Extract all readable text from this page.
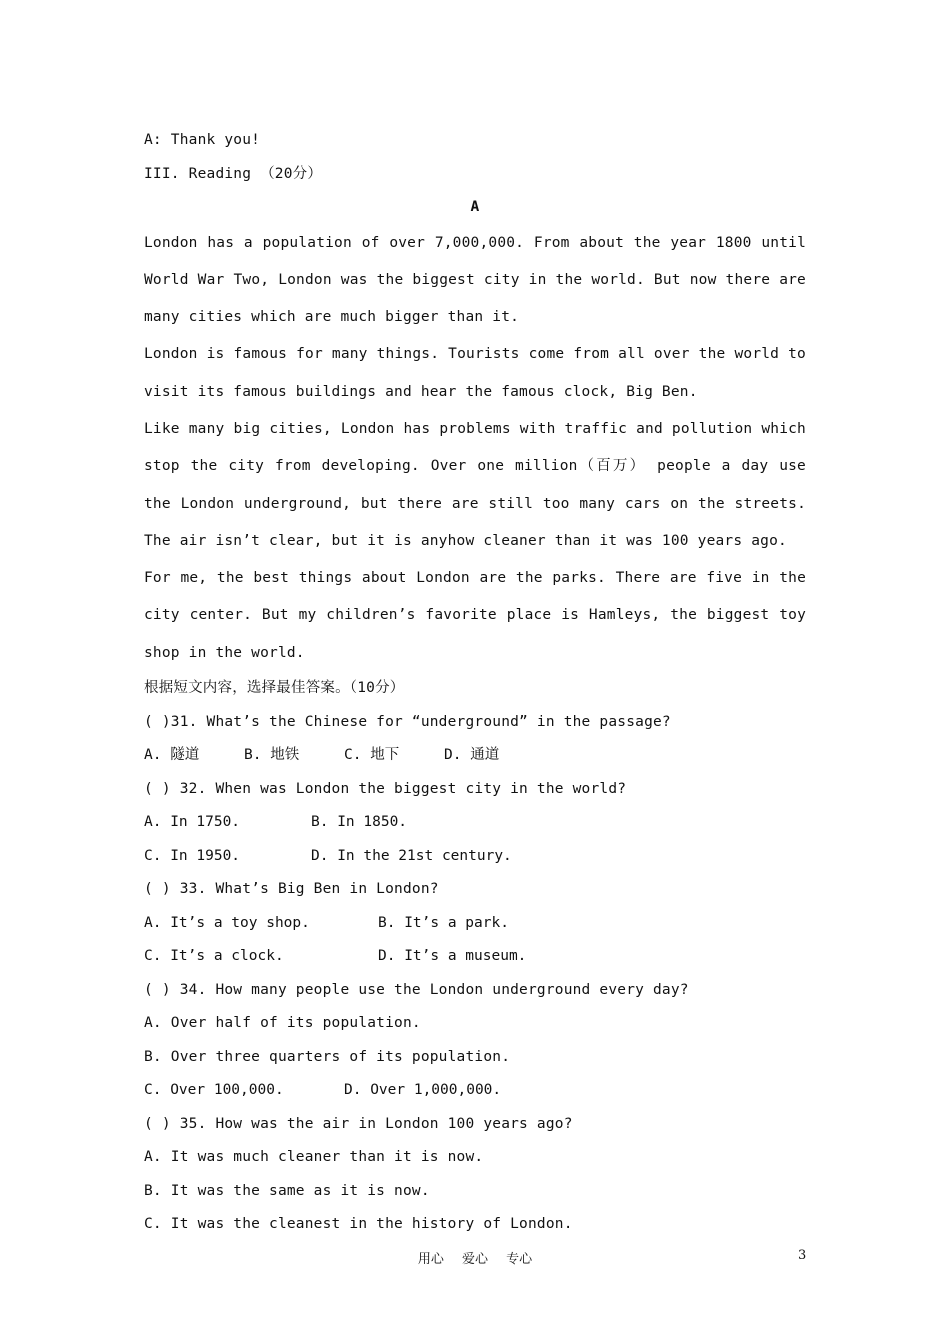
A: Thank you!
III. Reading （20分）
A

London has a population of over 7,000,000. From about the year 1800 until World War Two, London was the biggest city in the world. But now there are many cities which are much bigger than it.

London is famous for many things. Tourists come from all over the world to visit its famous buildings and hear the famous clock, Big Ben.

Like many big cities, London has problems with traffic and pollution which stop the city from developing. Over one million（百万） people a day use the London underground, but there are still too many cars on the streets. The air isn’t clear, but it is anyhow cleaner than it was 100 years ago.

For me, the best things about London are the parks. There are five in the city center. But my children’s favorite place is Hamleys, the biggest toy shop in the world.

根据短文内容，选择最佳答案。（10分）
( )31. What’s the Chinese for “underground” in the passage?
A. 隧道	B. 地铁	C. 地下	D. 通道
( ) 32. When was London the biggest city in the world?
A. In 1750.	B. In 1850.
C. In 1950.	D. In the 21st century.
( ) 33. What’s Big Ben in London?
A. It’s a toy shop.	B. It’s a park.
C. It’s a clock.	D. It’s a museum.
( ) 34. How many people use the London underground every day?
A. Over half of its population.
B. Over three quarters of its population.
C. Over 100,000.	D. Over 1,000,000.
( ) 35. How was the air in London 100 years ago?
A. It was much cleaner than it is now.
B. It was the same as it is now.
C. It was the cleanest in the history of London.
用心 爱心 专心	3
